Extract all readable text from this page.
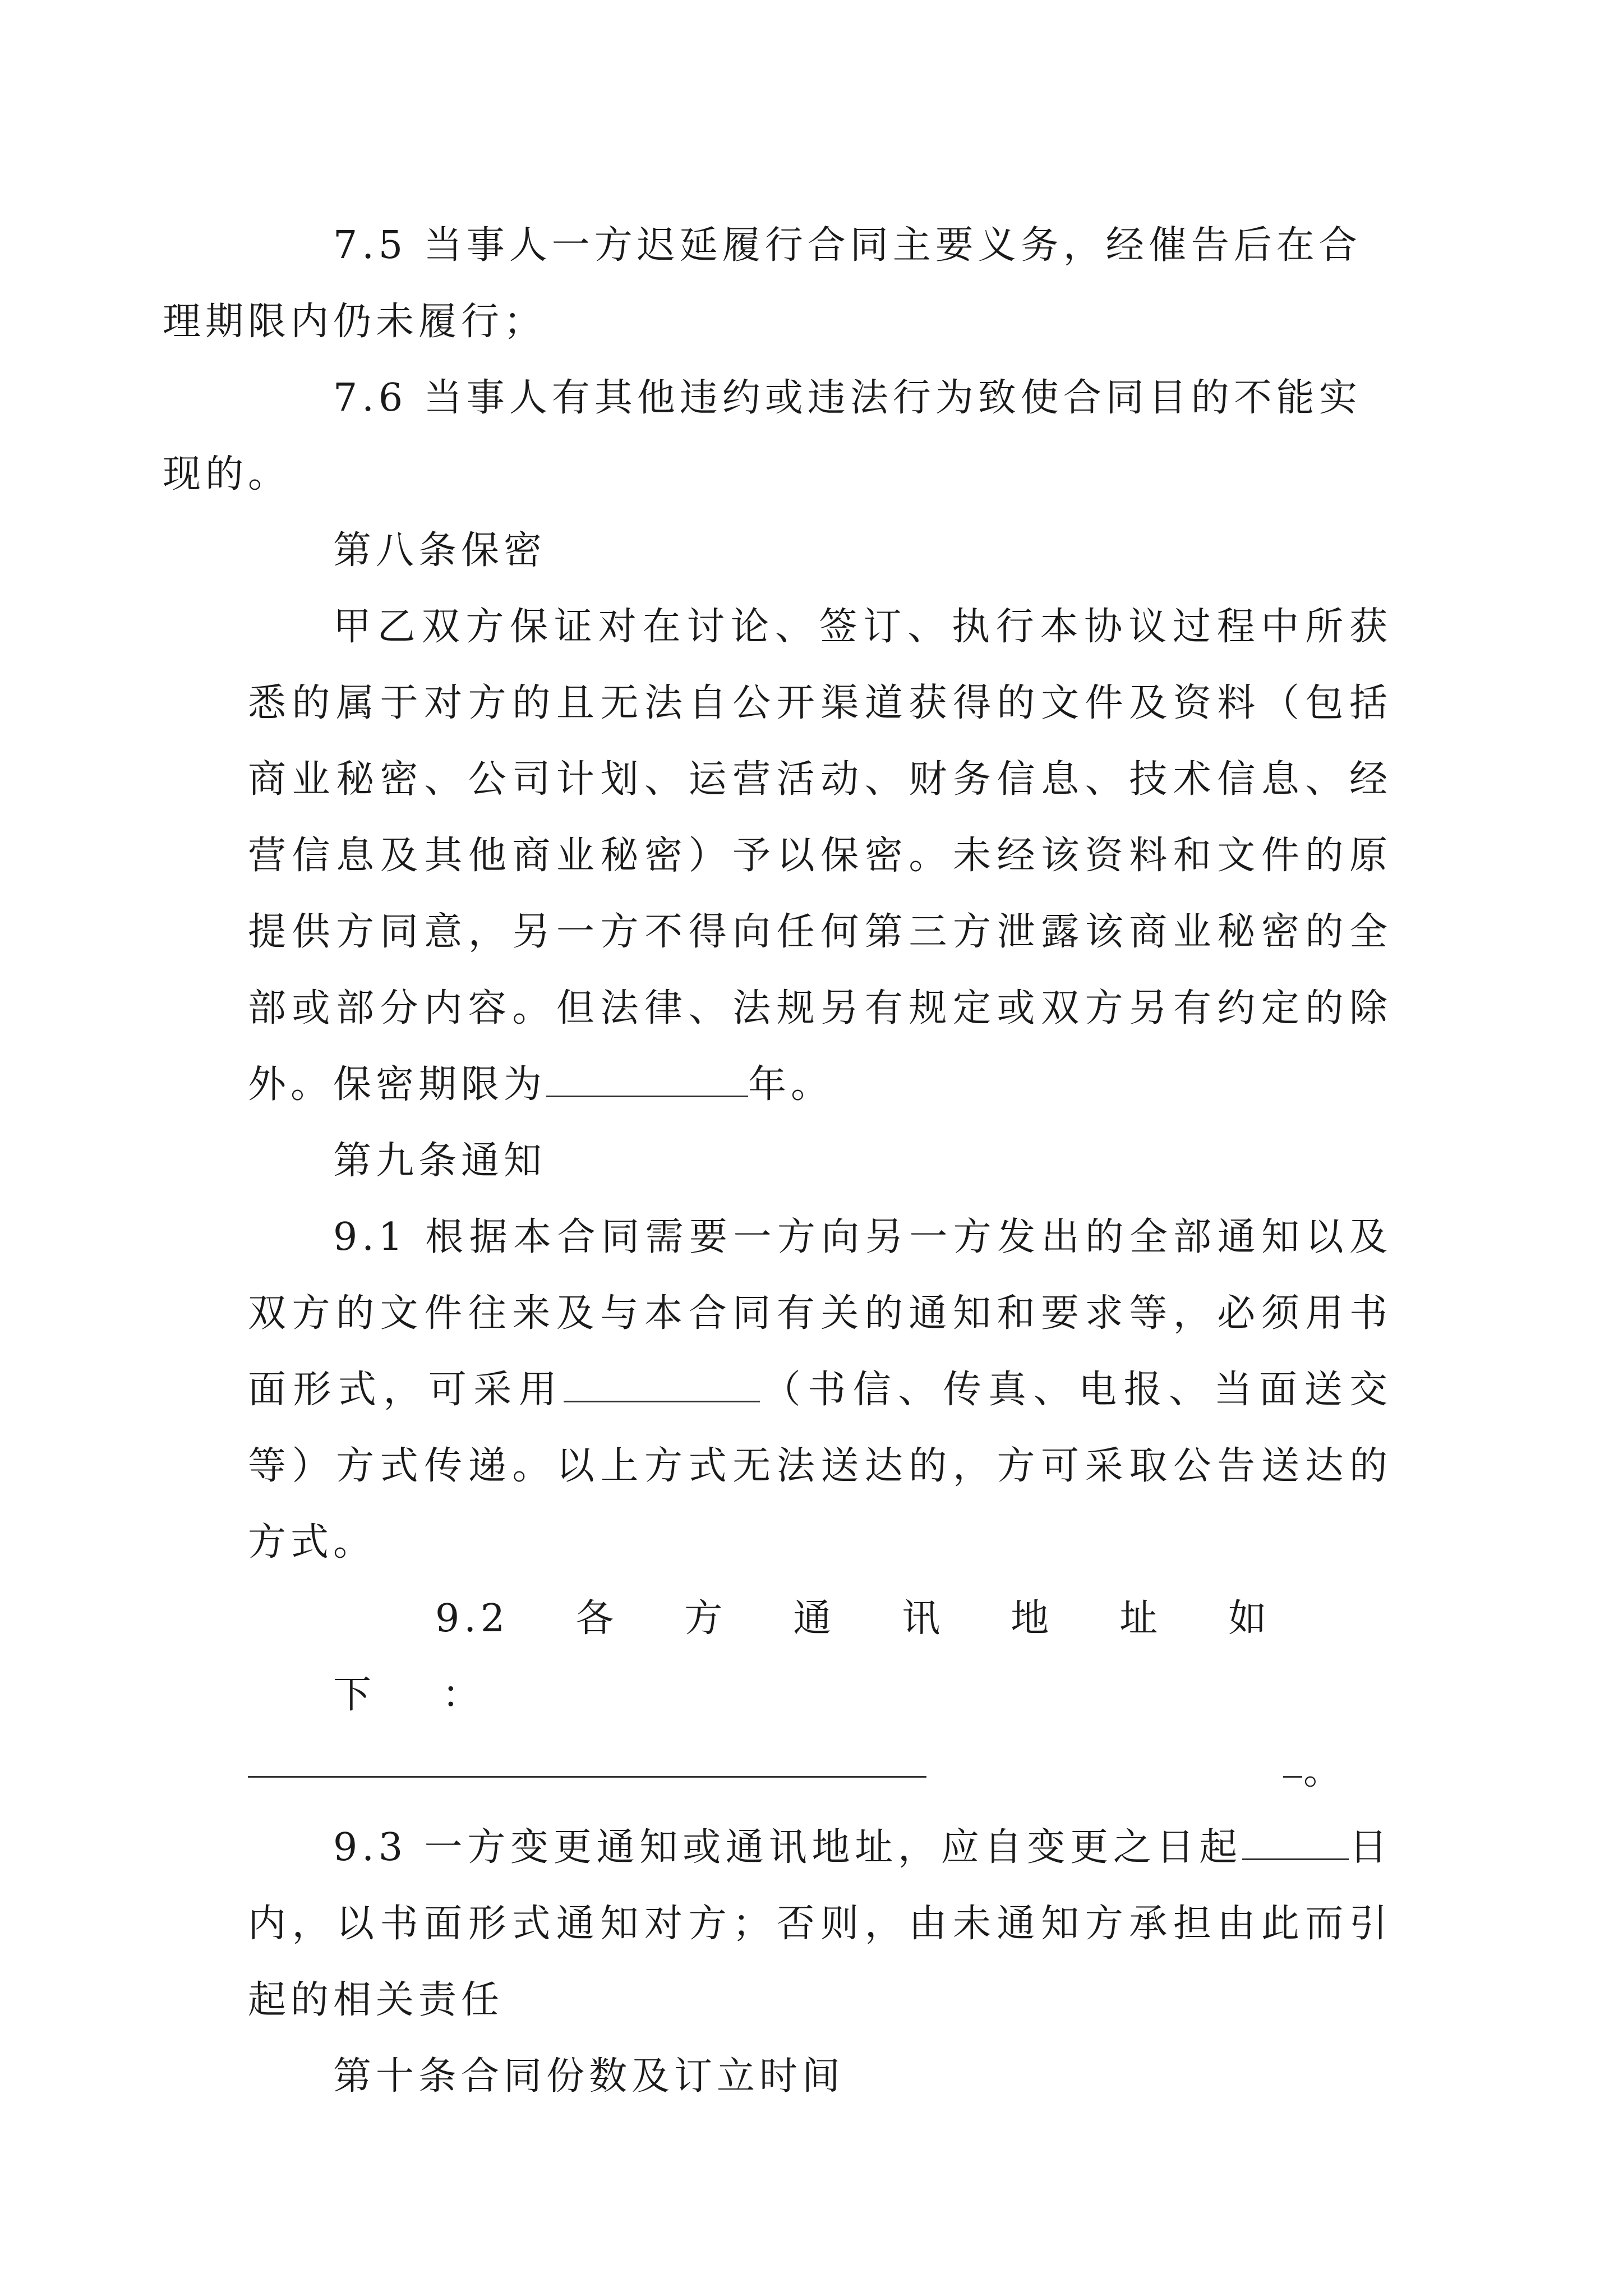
7.5 当事人一方迟延履行合同主要义务，经催告后在合
理期限内仍未履行；

7.6 当事人有其他违约或违法行为致使合同目的不能实
现的。

第八条保密

甲乙双方保证对在讨论、签订、执行本协议过程中所获悉的属于对方的且无法自公开渠道获得的文件及资料（包括商业秘密、公司计划、运营活动、财务信息、技术信息、经营信息及其他商业秘密）予以保密。未经该资料和文件的原提供方同意，另一方不得向任何第三方泄露该商业秘密的全部或部分内容。但法律、法规另有规定或双方另有约定的除外。保密期限为	年。

第九条通知

9.1 根据本合同需要一方向另一方发出的全部通知以及双方的文件往来及与本合同有关的通知和要求等，必须用书面形式，可采用	（书信、传真、电报、当面送交等）方式传递。以上方式无法送达的，方可采取公告送达的方式。

9.2 各 方 通 讯 地 址 如下 ：

。

9.3 一方变更通知或通讯地址，应自变更之日起	日内，以书面形式通知对方；否则，由未通知方承担由此而引起的相关责任

第十条合同份数及订立时间
